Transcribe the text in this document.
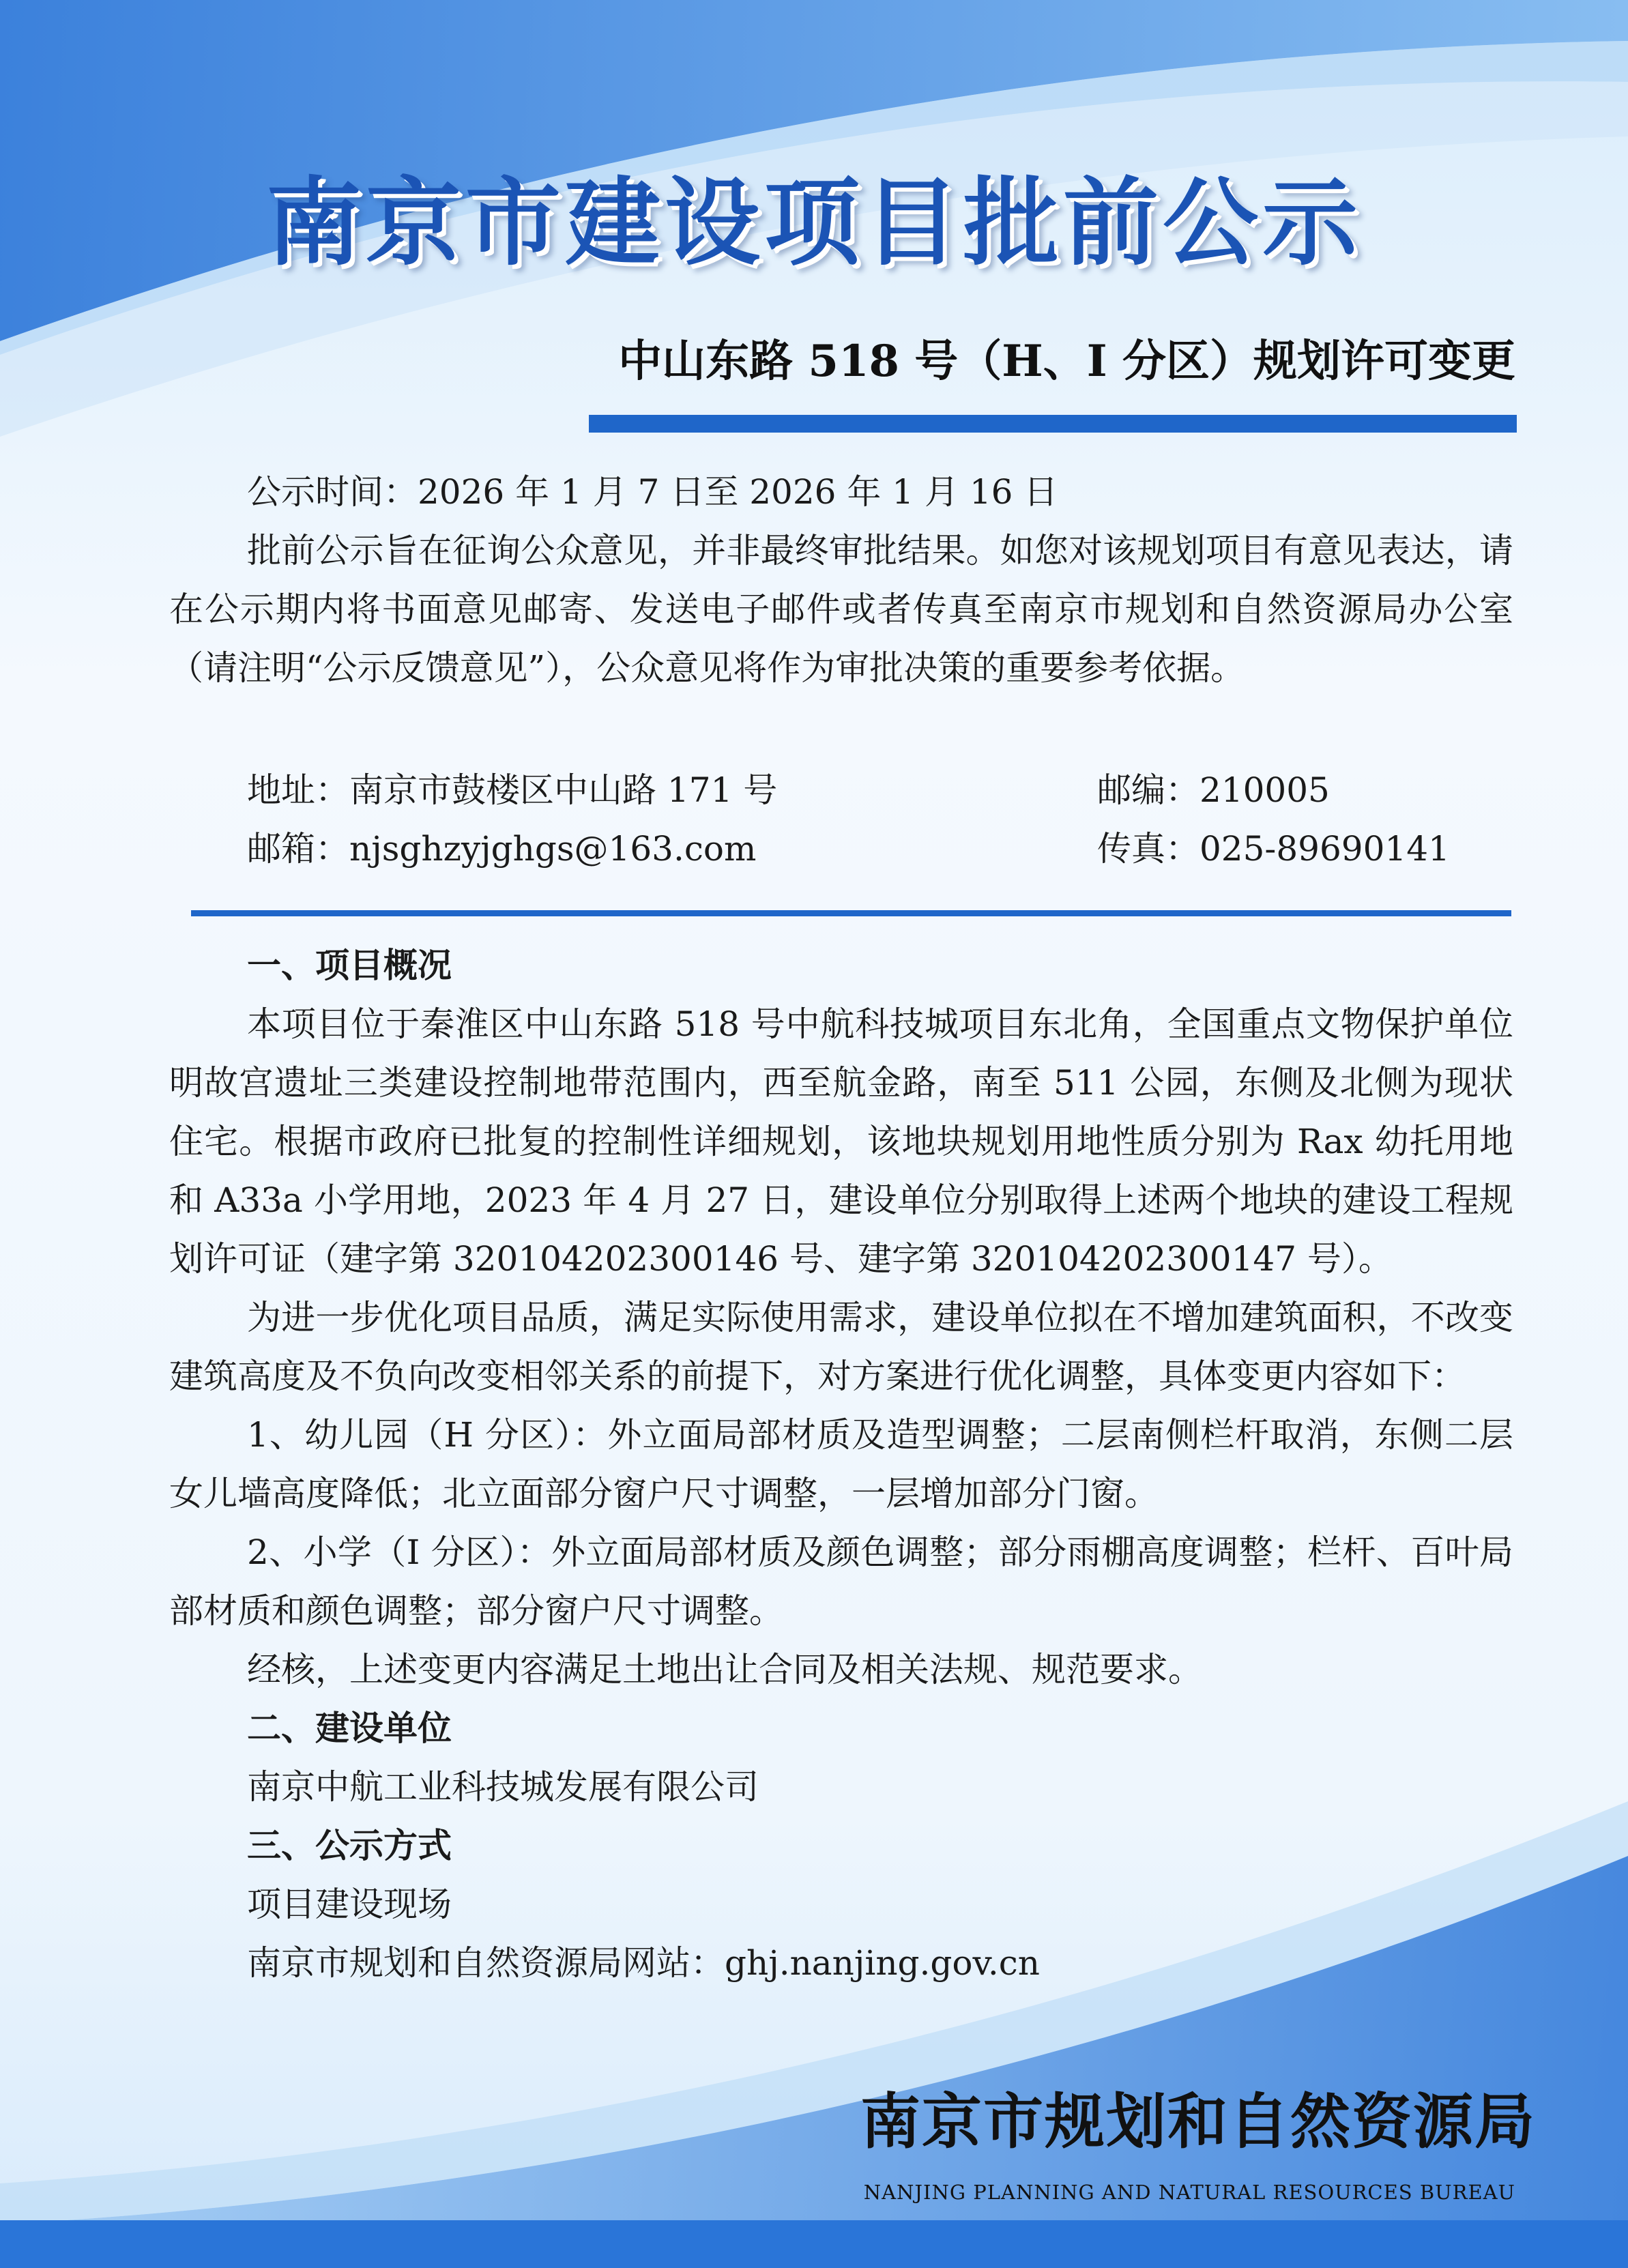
南京市建设项目批前公示
中山东路 518 号（H、I 分区）规划许可变更
公示时间：2026 年 1 月 7 日至 2026 年 1 月 16 日
批前公示旨在征询公众意见，并非最终审批结果。如您对该规划项目有意见表达，请在公示期内将书面意见邮寄、发送电子邮件或者传真至南京市规划和自然资源局办公室（请注明“公示反馈意见”），公众意见将作为审批决策的重要参考依据。
地址：南京市鼓楼区中山路 171 号	邮编：210005
邮箱：njsghzyjghgs@163.com	传真：025-89690141
一、项目概况

本项目位于秦淮区中山东路 518 号中航科技城项目东北角，全国重点文物保护单位明故宫遗址三类建设控制地带范围内，西至航金路，南至 511 公园，东侧及北侧为现状住宅。根据市政府已批复的控制性详细规划，该地块规划用地性质分别为 Rax 幼托用地和 A33a 小学用地，2023 年 4 月 27 日，建设单位分别取得上述两个地块的建设工程规划许可证（建字第 320104202300146 号、建字第 320104202300147 号）。

为进一步优化项目品质，满足实际使用需求，建设单位拟在不增加建筑面积，不改变建筑高度及不负向改变相邻关系的前提下，对方案进行优化调整，具体变更内容如下：

1、幼儿园（H 分区）：外立面局部材质及造型调整；二层南侧栏杆取消，东侧二层女儿墙高度降低；北立面部分窗户尺寸调整，一层增加部分门窗。

2、小学（I 分区）：外立面局部材质及颜色调整；部分雨棚高度调整；栏杆、百叶局部材质和颜色调整；部分窗户尺寸调整。

经核，上述变更内容满足土地出让合同及相关法规、规范要求。

二、建设单位

南京中航工业科技城发展有限公司

三、公示方式

项目建设现场

南京市规划和自然资源局网站：ghj.nanjing.gov.cn

南京市规划和自然资源局
NANJING PLANNING AND NATURAL RESOURCES BUREAU
